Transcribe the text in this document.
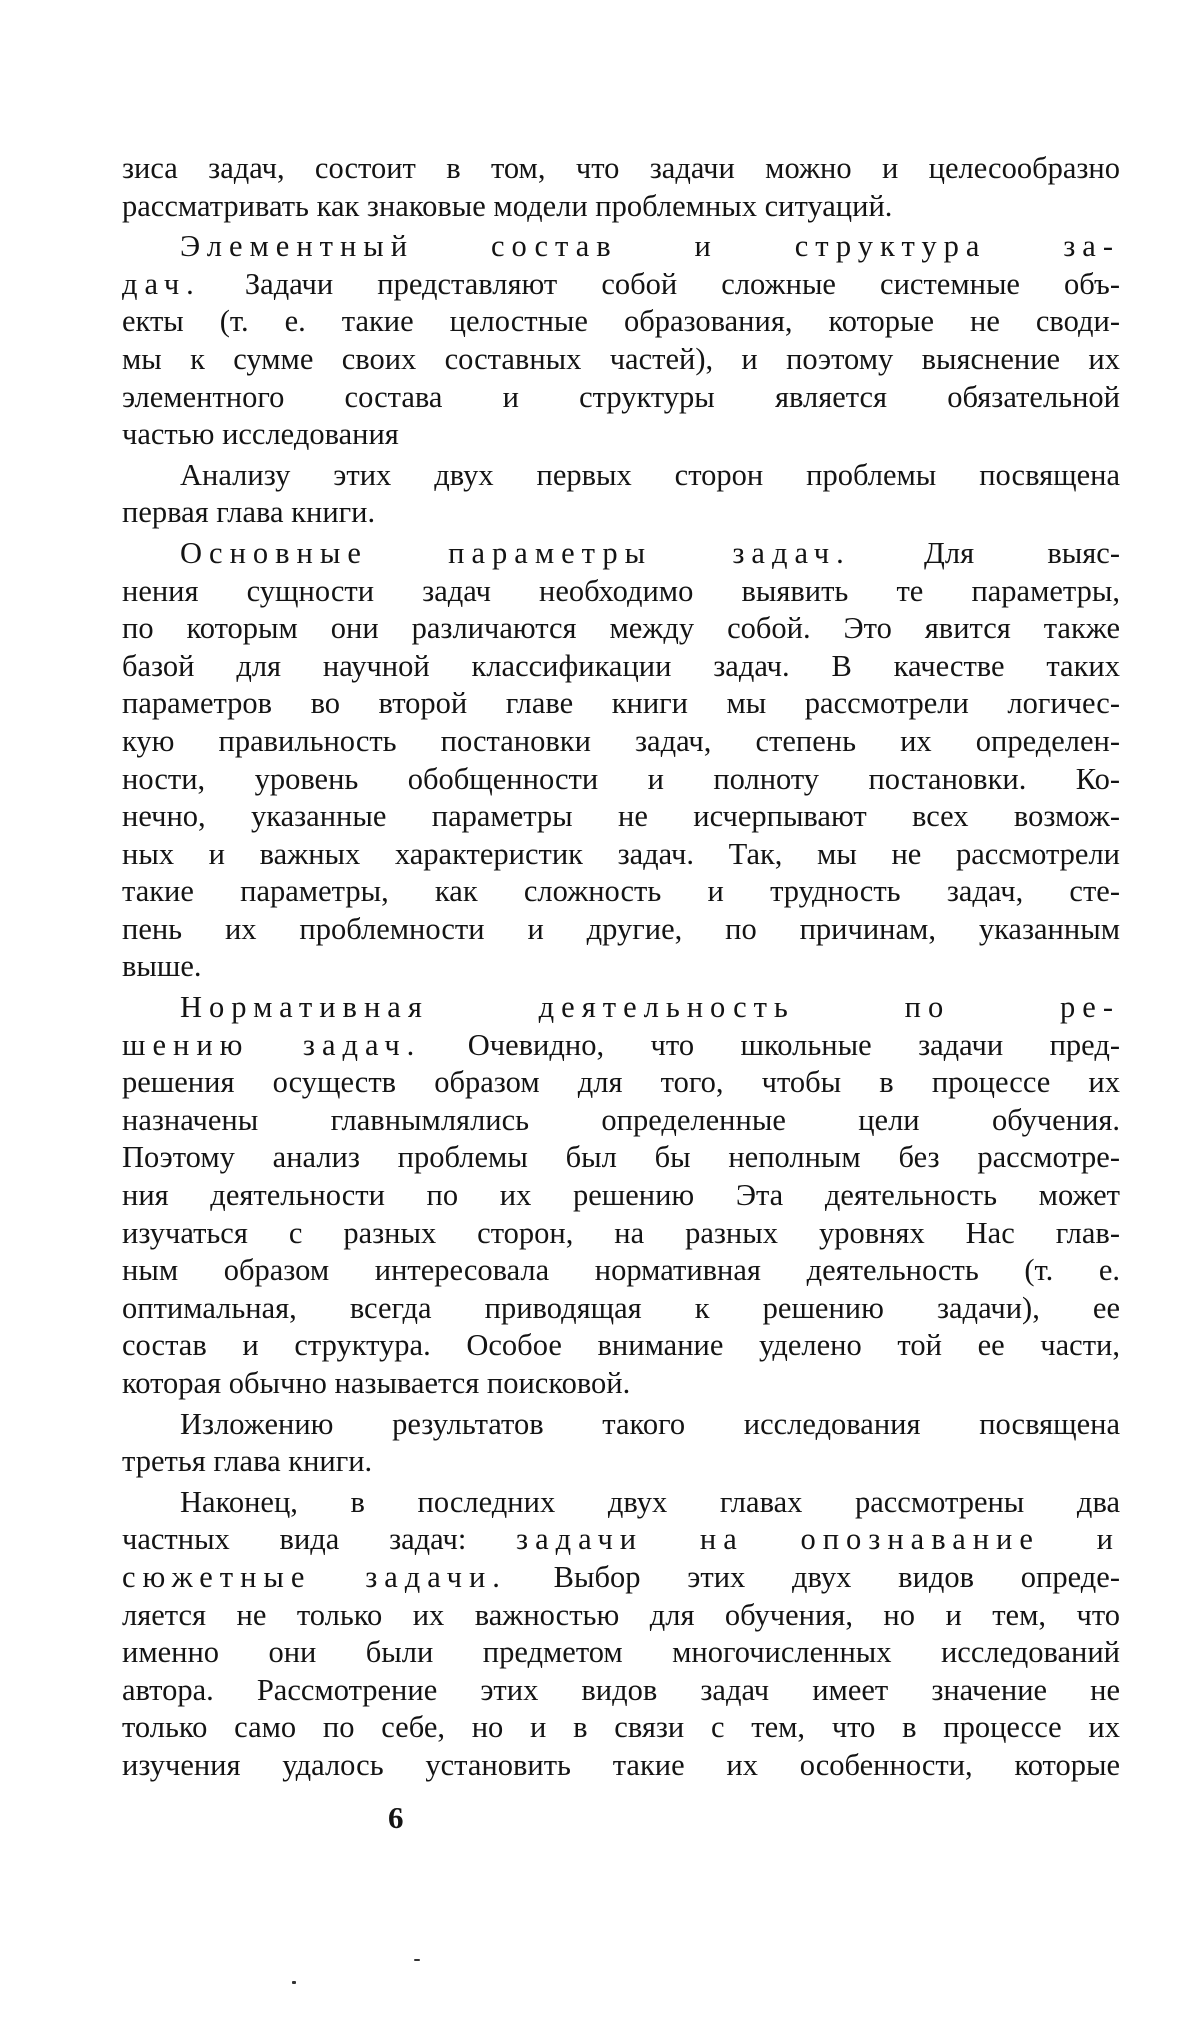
зиса задач, состоит в том, что задачи можно и целесообразно
рассматривать как знаковые модели проблемных ситуаций.
Элементный состав и структура за-
дач. Задачи представляют собой сложные системные объ-
екты (т. е. такие целостные образования, которые не своди-
мы к сумме своих составных частей), и поэтому выяснение их
элементного состава и структуры является обязательной
частью исследования
Анализу этих двух первых сторон проблемы посвящена
первая глава книги.
Основные параметры задач. Для выяс-
нения сущности задач необходимо выявить те параметры,
по которым они различаются между собой. Это явится также
базой для научной классификации задач. В качестве таких
параметров во второй главе книги мы рассмотрели логичес-
кую правильность постановки задач, степень их определен-
ности, уровень обобщенности и полноту постановки. Ко-
нечно, указанные параметры не исчерпывают всех возмож-
ных и важных характеристик задач. Так, мы не рассмотрели
такие параметры, как сложность и трудность задач, сте-
пень их проблемности и другие, по причинам, указанным
выше.
Нормативная деятельность по ре-
шению задач. Очевидно, что школьные задачи пред-
решения осуществ образом для того, чтобы в процессе их
назначены главнымлялись определенные цели обучения.
Поэтому анализ проблемы был бы неполным без рассмотре-
ния деятельности по их решению Эта деятельность может
изучаться с разных сторон, на разных уровнях Нас глав-
ным образом интересовала нормативная деятельность (т. е.
оптимальная, всегда приводящая к решению задачи), ее
состав и структура. Особое внимание уделено той ее части,
которая обычно называется поисковой.
Изложению результатов такого исследования посвящена
третья глава книги.
Наконец, в последних двух главах рассмотрены два
частных вида задач: задачи на опознавание и
сюжетные задачи. Выбор этих двух видов опреде-
ляется не только их важностью для обучения, но и тем, что
именно они были предметом многочисленных исследований
автора. Рассмотрение этих видов задач имеет значение не
только само по себе, но и в связи с тем, что в процессе их
изучения удалось установить такие их особенности, которые
6
